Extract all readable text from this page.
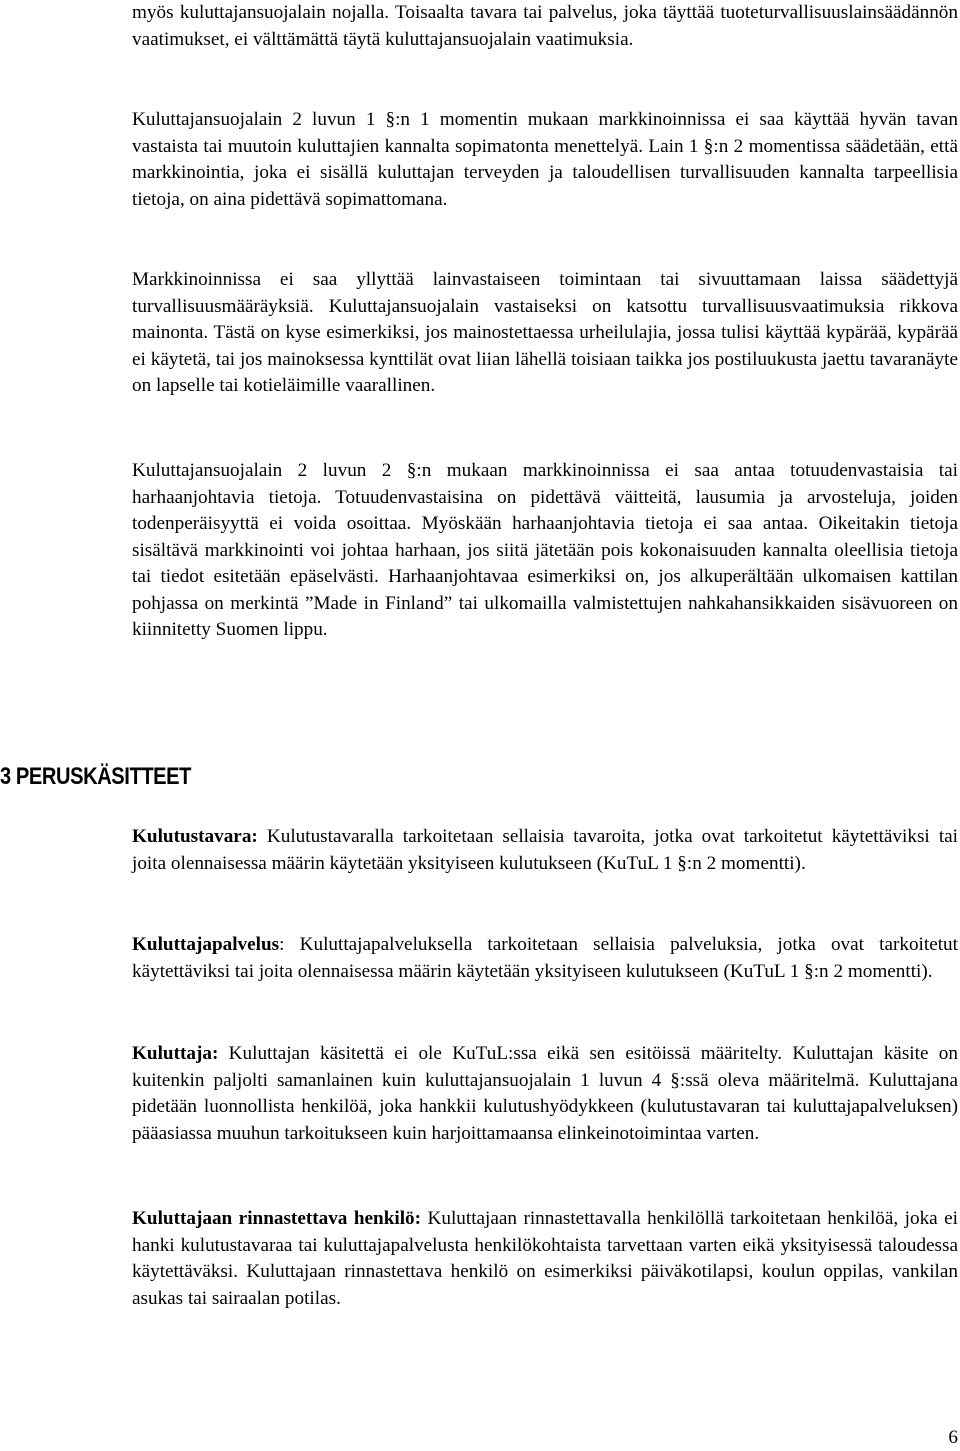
myös kuluttajansuojalain nojalla. Toisaalta tavara tai palvelus, joka täyttää tuoteturvallisuuslainsäädännön vaatimukset, ei välttämättä täytä kuluttajansuojalain vaatimuksia.

Kuluttajansuojalain 2 luvun 1 §:n 1 momentin mukaan markkinoinnissa ei saa käyttää hyvän tavan vastaista tai muutoin kuluttajien kannalta sopimatonta menettelyä. Lain 1 §:n 2 momentissa säädetään, että markkinointia, joka ei sisällä kuluttajan terveyden ja taloudellisen turvallisuuden kannalta tarpeellisia tietoja, on aina pidettävä sopimattomana.

Markkinoinnissa ei saa yllyttää lainvastaiseen toimintaan tai sivuuttamaan laissa säädettyjä turvallisuusmääräyksiä. Kuluttajansuojalain vastaiseksi on katsottu turvallisuusvaatimuksia rikkova mainonta. Tästä on kyse esimerkiksi, jos mainostettaessa urheilulajia, jossa tulisi käyttää kypärää, kypärää ei käytetä, tai jos mainoksessa kynttilät ovat liian lähellä toisiaan taikka jos postiluukusta jaettu tavaranäyte on lapselle tai kotieläimille vaarallinen.

Kuluttajansuojalain 2 luvun 2 §:n mukaan markkinoinnissa ei saa antaa totuudenvastaisia tai harhaanjohtavia tietoja. Totuudenvastaisina on pidettävä väitteitä, lausumia ja arvosteluja, joiden todenperäisyyttä ei voida osoittaa. Myöskään harhaanjohtavia tietoja ei saa antaa. Oikeitakin tietoja sisältävä markkinointi voi johtaa harhaan, jos siitä jätetään pois kokonaisuuden kannalta oleellisia tietoja tai tiedot esitetään epäselvästi. Harhaanjohtavaa esimerkiksi on, jos alkuperältään ulkomaisen kattilan pohjassa on merkintä ”Made in Finland” tai ulkomailla valmistettujen nahkahansikkaiden sisävuoreen on kiinnitetty Suomen lippu.

3 PERUSKÄSITTEET

Kulutustavara: Kulutustavaralla tarkoitetaan sellaisia tavaroita, jotka ovat tarkoitetut käytettäviksi tai joita olennaisessa määrin käytetään yksityiseen kulutukseen (KuTuL 1 §:n 2 momentti).

Kuluttajapalvelus: Kuluttajapalveluksella tarkoitetaan sellaisia palveluksia, jotka ovat tarkoitetut käytettäviksi tai joita olennaisessa määrin käytetään yksityiseen kulutukseen (KuTuL 1 §:n 2 momentti).

Kuluttaja: Kuluttajan käsitettä ei ole KuTuL:ssa eikä sen esitöissä määritelty. Kuluttajan käsite on kuitenkin paljolti samanlainen kuin kuluttajansuojalain 1 luvun 4 §:ssä oleva määritelmä. Kuluttajana pidetään luonnollista henkilöä, joka hankkii kulutushyödykkeen (kulutustavaran tai kuluttajapalveluksen) pääasiassa muuhun tarkoitukseen kuin harjoittamaansa elinkeinotoimintaa varten.

Kuluttajaan rinnastettava henkilö: Kuluttajaan rinnastettavalla henkilöllä tarkoitetaan henkilöä, joka ei hanki kulutustavaraa tai kuluttajapalvelusta henkilökohtaista tarvettaan varten eikä yksityisessä taloudessa käytettäväksi. Kuluttajaan rinnastettava henkilö on esimerkiksi päiväkotilapsi, koulun oppilas, vankilan asukas tai sairaalan potilas.

6
